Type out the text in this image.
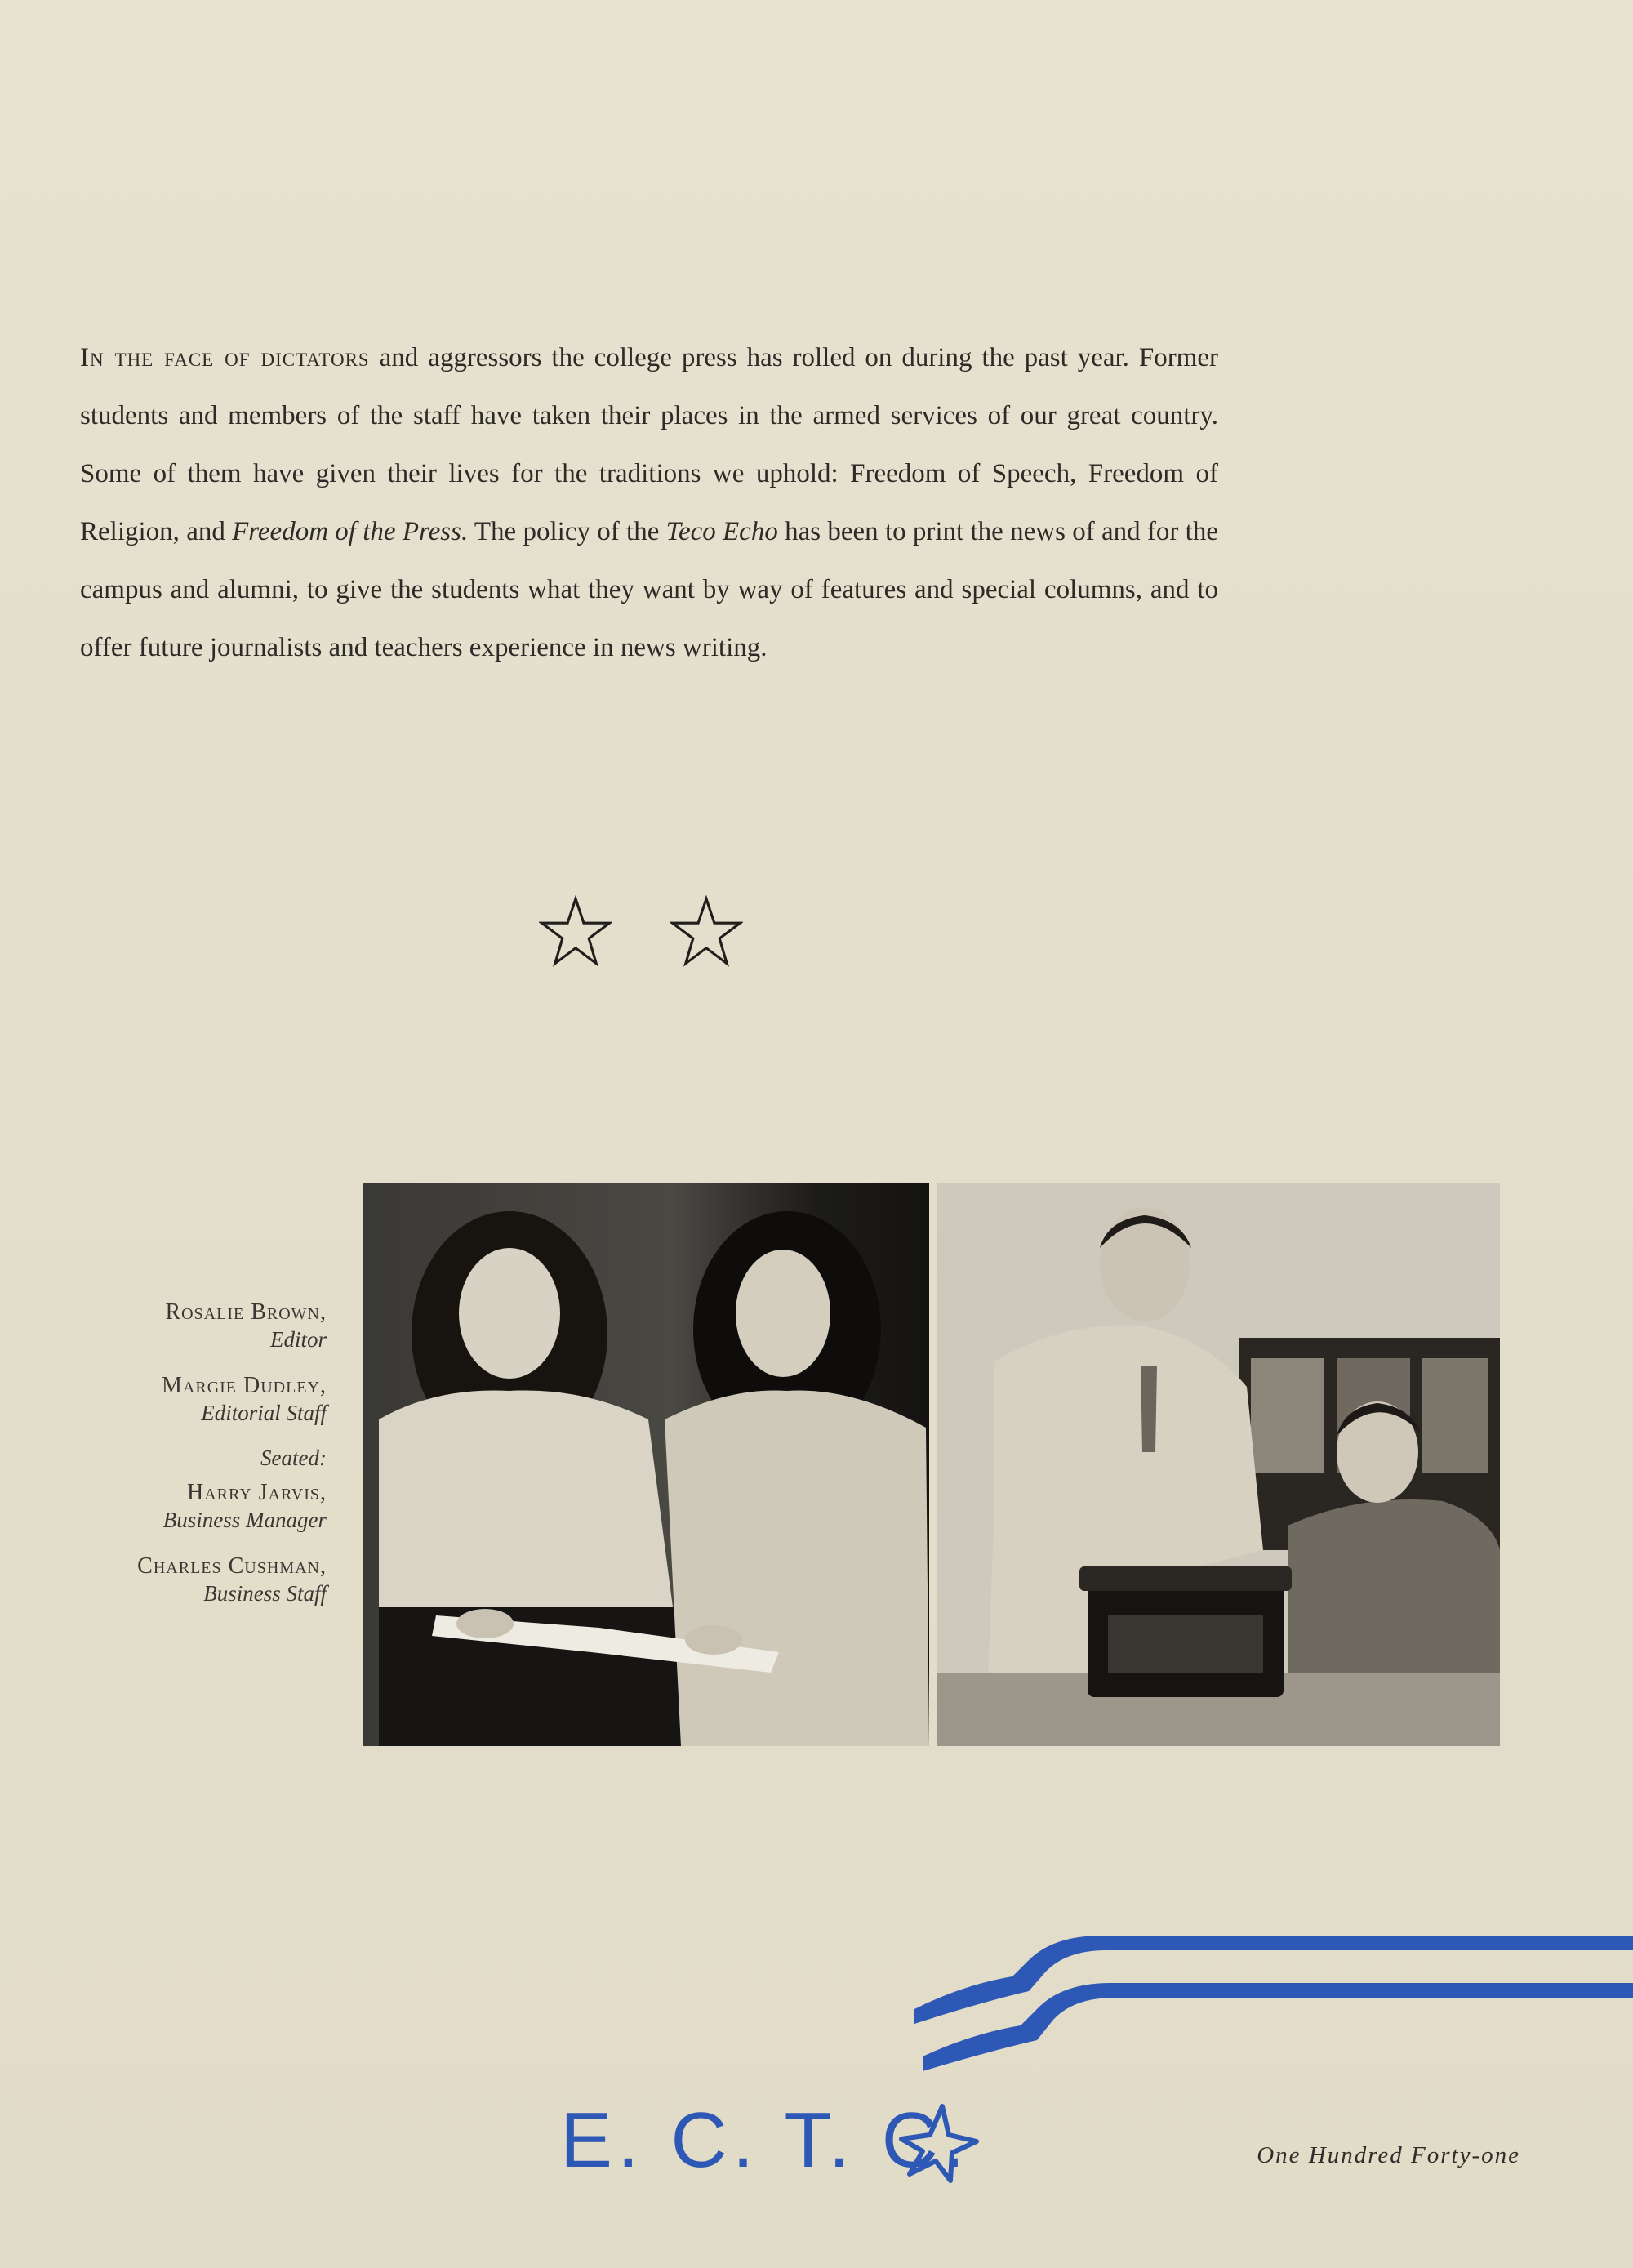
In the face of dictators and aggressors the college press has rolled on during the past year. Former students and members of the staff have taken their places in the armed services of our great country. Some of them have given their lives for the traditions we uphold: Freedom of Speech, Freedom of Religion, and Freedom of the Press. The policy of the Teco Echo has been to print the news of and for the campus and alumni, to give the students what they want by way of features and special columns, and to offer future journalists and teachers experience in news writing.

Rosalie Brown,
Editor
Margie Dudley,
Editorial Staff
Seated:
Harry Jarvis,
Business Manager
Charles Cushman,
Business Staff
E. C. T. C.	One Hundred Forty-one
